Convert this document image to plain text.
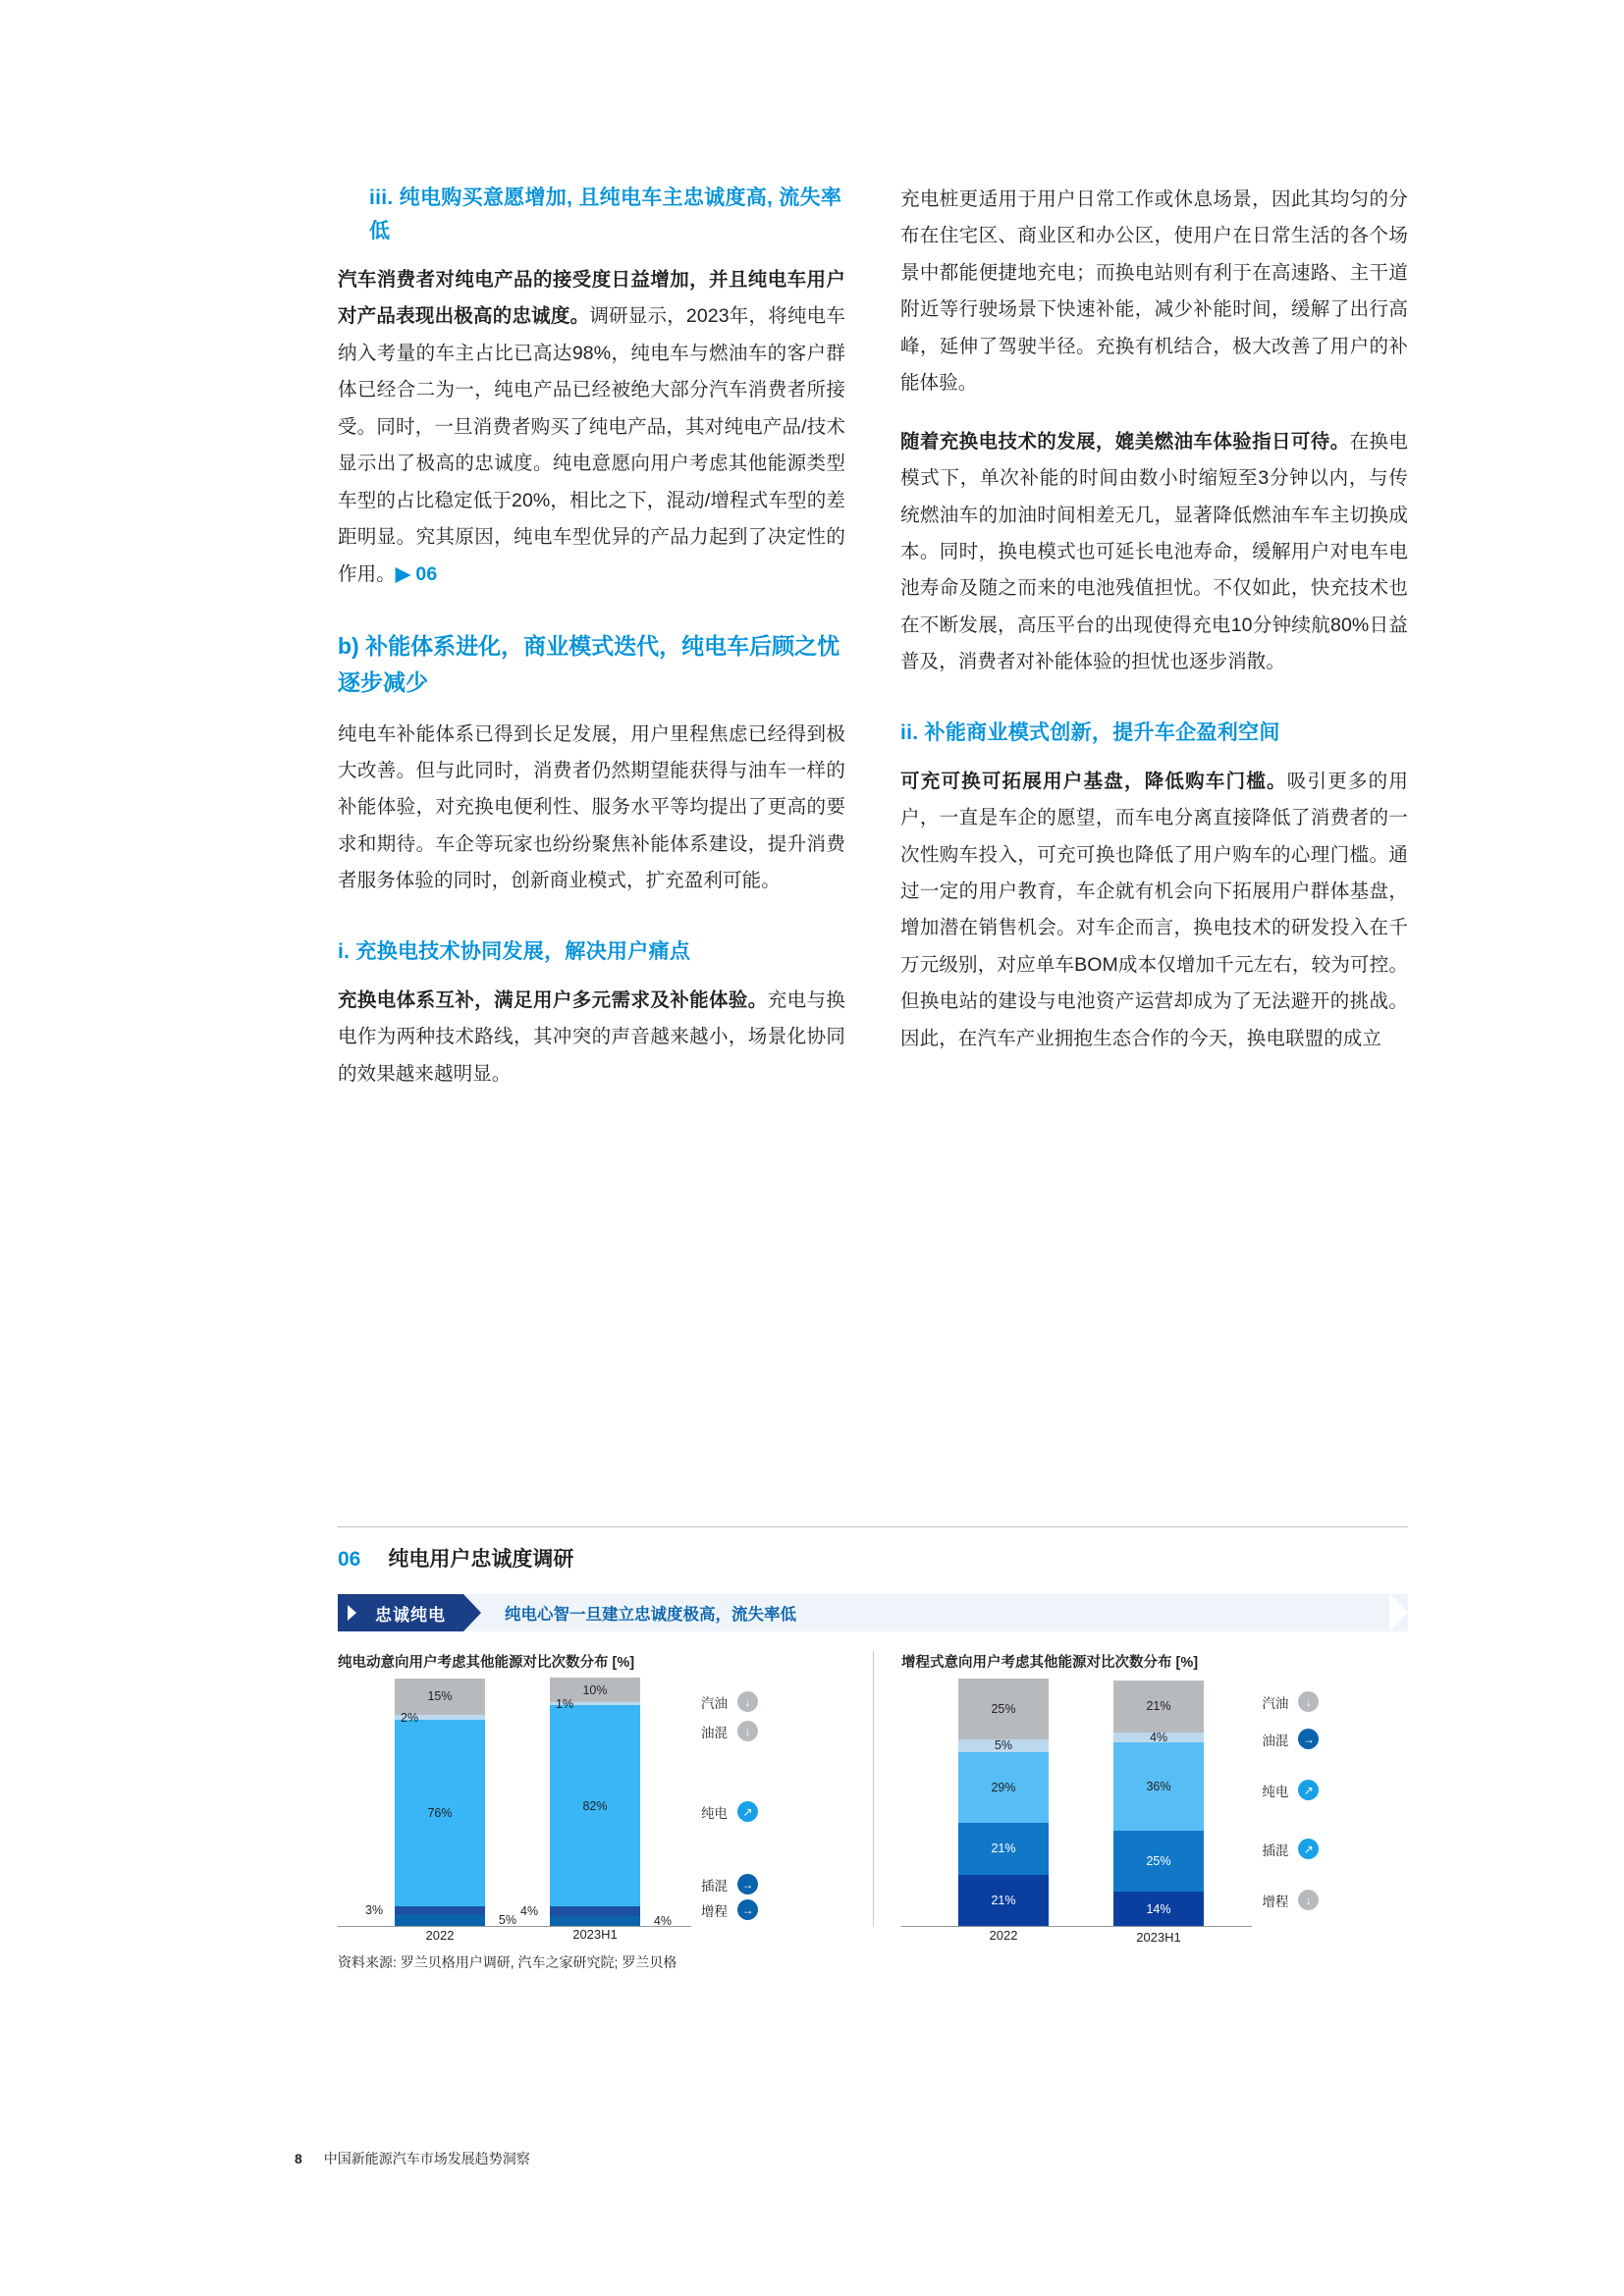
iii. 纯电购买意愿增加, 且纯电车主忠诚度高, 流失率低

汽车消费者对纯电产品的接受度日益增加，并且纯电车用户对产品表现出极高的忠诚度。调研显示，2023年，将纯电车纳入考量的车主占比已高达98%，纯电车与燃油车的客户群体已经合二为一，纯电产品已经被绝大部分汽车消费者所接受。同时，一旦消费者购买了纯电产品，其对纯电产品/技术显示出了极高的忠诚度。纯电意愿向用户考虑其他能源类型车型的占比稳定低于20%，相比之下，混动/增程式车型的差距明显。究其原因，纯电车型优异的产品力起到了决定性的作用。▶ 06

b) 补能体系进化，商业模式迭代，纯电车后顾之忧逐步减少

纯电车补能体系已得到长足发展，用户里程焦虑已经得到极大改善。但与此同时，消费者仍然期望能获得与油车一样的补能体验，对充换电便利性、服务水平等均提出了更高的要求和期待。车企等玩家也纷纷聚焦补能体系建设，提升消费者服务体验的同时，创新商业模式，扩充盈利可能。

i. 充换电技术协同发展，解决用户痛点

充换电体系互补，满足用户多元需求及补能体验。充电与换电作为两种技术路线，其冲突的声音越来越小，场景化协同的效果越来越明显。

充电桩更适用于用户日常工作或休息场景，因此其均匀的分布在住宅区、商业区和办公区，使用户在日常生活的各个场景中都能便捷地充电；而换电站则有利于在高速路、主干道附近等行驶场景下快速补能，减少补能时间，缓解了出行高峰，延伸了驾驶半径。充换有机结合，极大改善了用户的补能体验。

随着充换电技术的发展，媲美燃油车体验指日可待。在换电模式下，单次补能的时间由数小时缩短至3分钟以内，与传统燃油车的加油时间相差无几，显著降低燃油车车主切换成本。同时，换电模式也可延长电池寿命，缓解用户对电车电池寿命及随之而来的电池残值担忧。不仅如此，快充技术也在不断发展，高压平台的出现使得充电10分钟续航80%日益普及，消费者对补能体验的担忧也逐步消散。

ii. 补能商业模式创新，提升车企盈利空间

可充可换可拓展用户基盘，降低购车门槛。吸引更多的用户，一直是车企的愿望，而车电分离直接降低了消费者的一次性购车投入，可充可换也降低了用户购车的心理门槛。通过一定的用户教育，车企就有机会向下拓展用户群体基盘，增加潜在销售机会。对车企而言，换电技术的研发投入在千万元级别，对应单车BOM成本仅增加千元左右，较为可控。但换电站的建设与电池资产运营却成为了无法避开的挑战。因此，在汽车产业拥抱生态合作的今天，换电联盟的成立

06 纯电用户忠诚度调研
忠诚纯电	纯电心智一旦建立忠诚度极高，流失率低
纯电动意向用户考虑其他能源对比次数分布 [%]
5%
3%
76%
2%
15%
2022
4%
4%
82%
1%
10%
2023H1
汽油	↓
油混	↓
纯电	↗
插混	→
增程	→
增程式意向用户考虑其他能源对比次数分布 [%]
21%
21%
29%
5%
25%
2022
14%
25%
36%
4%
21%
2023H1
汽油	↓
油混	→
纯电	↗
插混	↗
增程	↓
资料来源: 罗兰贝格用户调研, 汽车之家研究院; 罗兰贝格
8 中国新能源汽车市场发展趋势洞察
